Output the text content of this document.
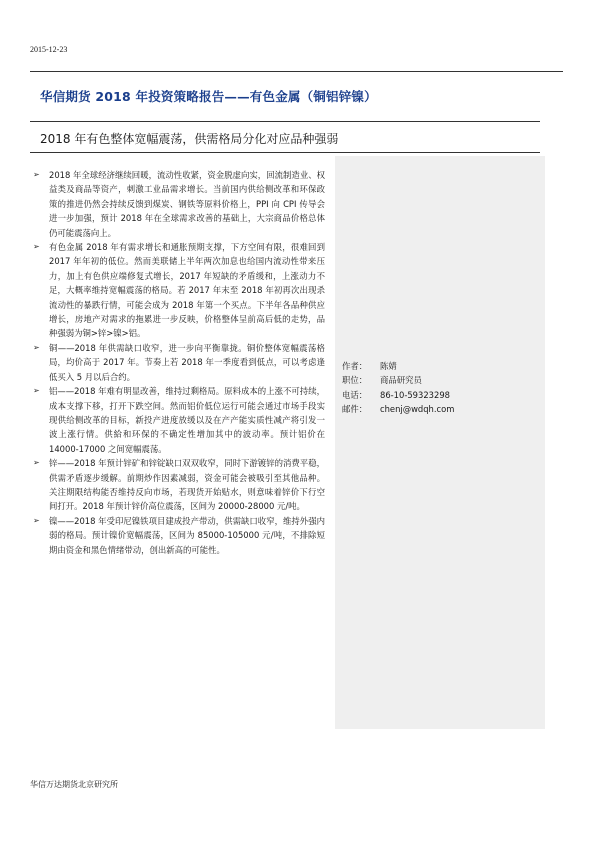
2015-12-23
华信期货 2018 年投资策略报告——有色金属（铜铝锌镍）
2018 年有色整体宽幅震荡，供需格局分化对应品种强弱
➢ 2018 年全球经济继续回暖，流动性收紧，资金脱虚向实，回流制造业、权益类及商品等资产，刺激工业品需求增长。当前国内供给侧改革和环保政策的推进仍然会持续反馈到煤炭、钢铁等原料价格上，PPI 向 CPI 传导会进一步加强，预计 2018 年在全球需求改善的基础上，大宗商品价格总体仍可能震荡向上。
➢ 有色金属 2018 年有需求增长和通胀预期支撑，下方空间有限，很难回到 2017 年年初的低位。然而美联储上半年两次加息也给国内流动性带来压力，加上有色供应端修复式增长，2017 年短缺的矛盾缓和，上涨动力不足，大概率维持宽幅震荡的格局。若 2017 年末至 2018 年初再次出现杀流动性的暴跌行情，可能会成为 2018 年第一个买点。下半年各品种供应增长，房地产对需求的拖累进一步反映，价格整体呈前高后低的走势，品种强弱为铜>锌>镍>铝。
➢ 铜——2018 年供需缺口收窄，进一步向平衡靠拢。铜价整体宽幅震荡格局，均价高于 2017 年。节奏上若 2018 年一季度看到低点，可以考虑逢低买入 5 月以后合约。
➢ 铝——2018 年难有明显改善，维持过剩格局。原料成本的上涨不可持续，成本支撑下移，打开下跌空间。然而铝价低位运行可能会通过市场手段实现供给侧改革的目标，新投产进度放缓以及在产产能实质性减产将引发一波上涨行情。供給和环保的不确定性增加其中的波动率。预计铝价在 14000-17000 之间宽幅震荡。
➢ 锌——2018 年预计锌矿和锌锭缺口双双收窄，同时下游镀锌的消费平稳，供需矛盾逐步缓解。前期炒作因素减弱，资金可能会被吸引至其他品种。关注期限结构能否维持反向市场，若现货开始贴水，则意味着锌价下行空间打开。2018 年预计锌价高位震荡，区间为 20000-28000 元/吨。
➢ 镍——2018 年受印尼镍铁项目建成投产带动，供需缺口收窄，维持外强内弱的格局。预计镍价宽幅震荡，区间为 85000-105000 元/吨，不排除短期由资金和黑色情绪带动，创出新高的可能性。
作者： 陈婧
职位： 商品研究员
电话： 86-10-59323298
邮件： chenj@wdqh.com
华信万达期货北京研究所
